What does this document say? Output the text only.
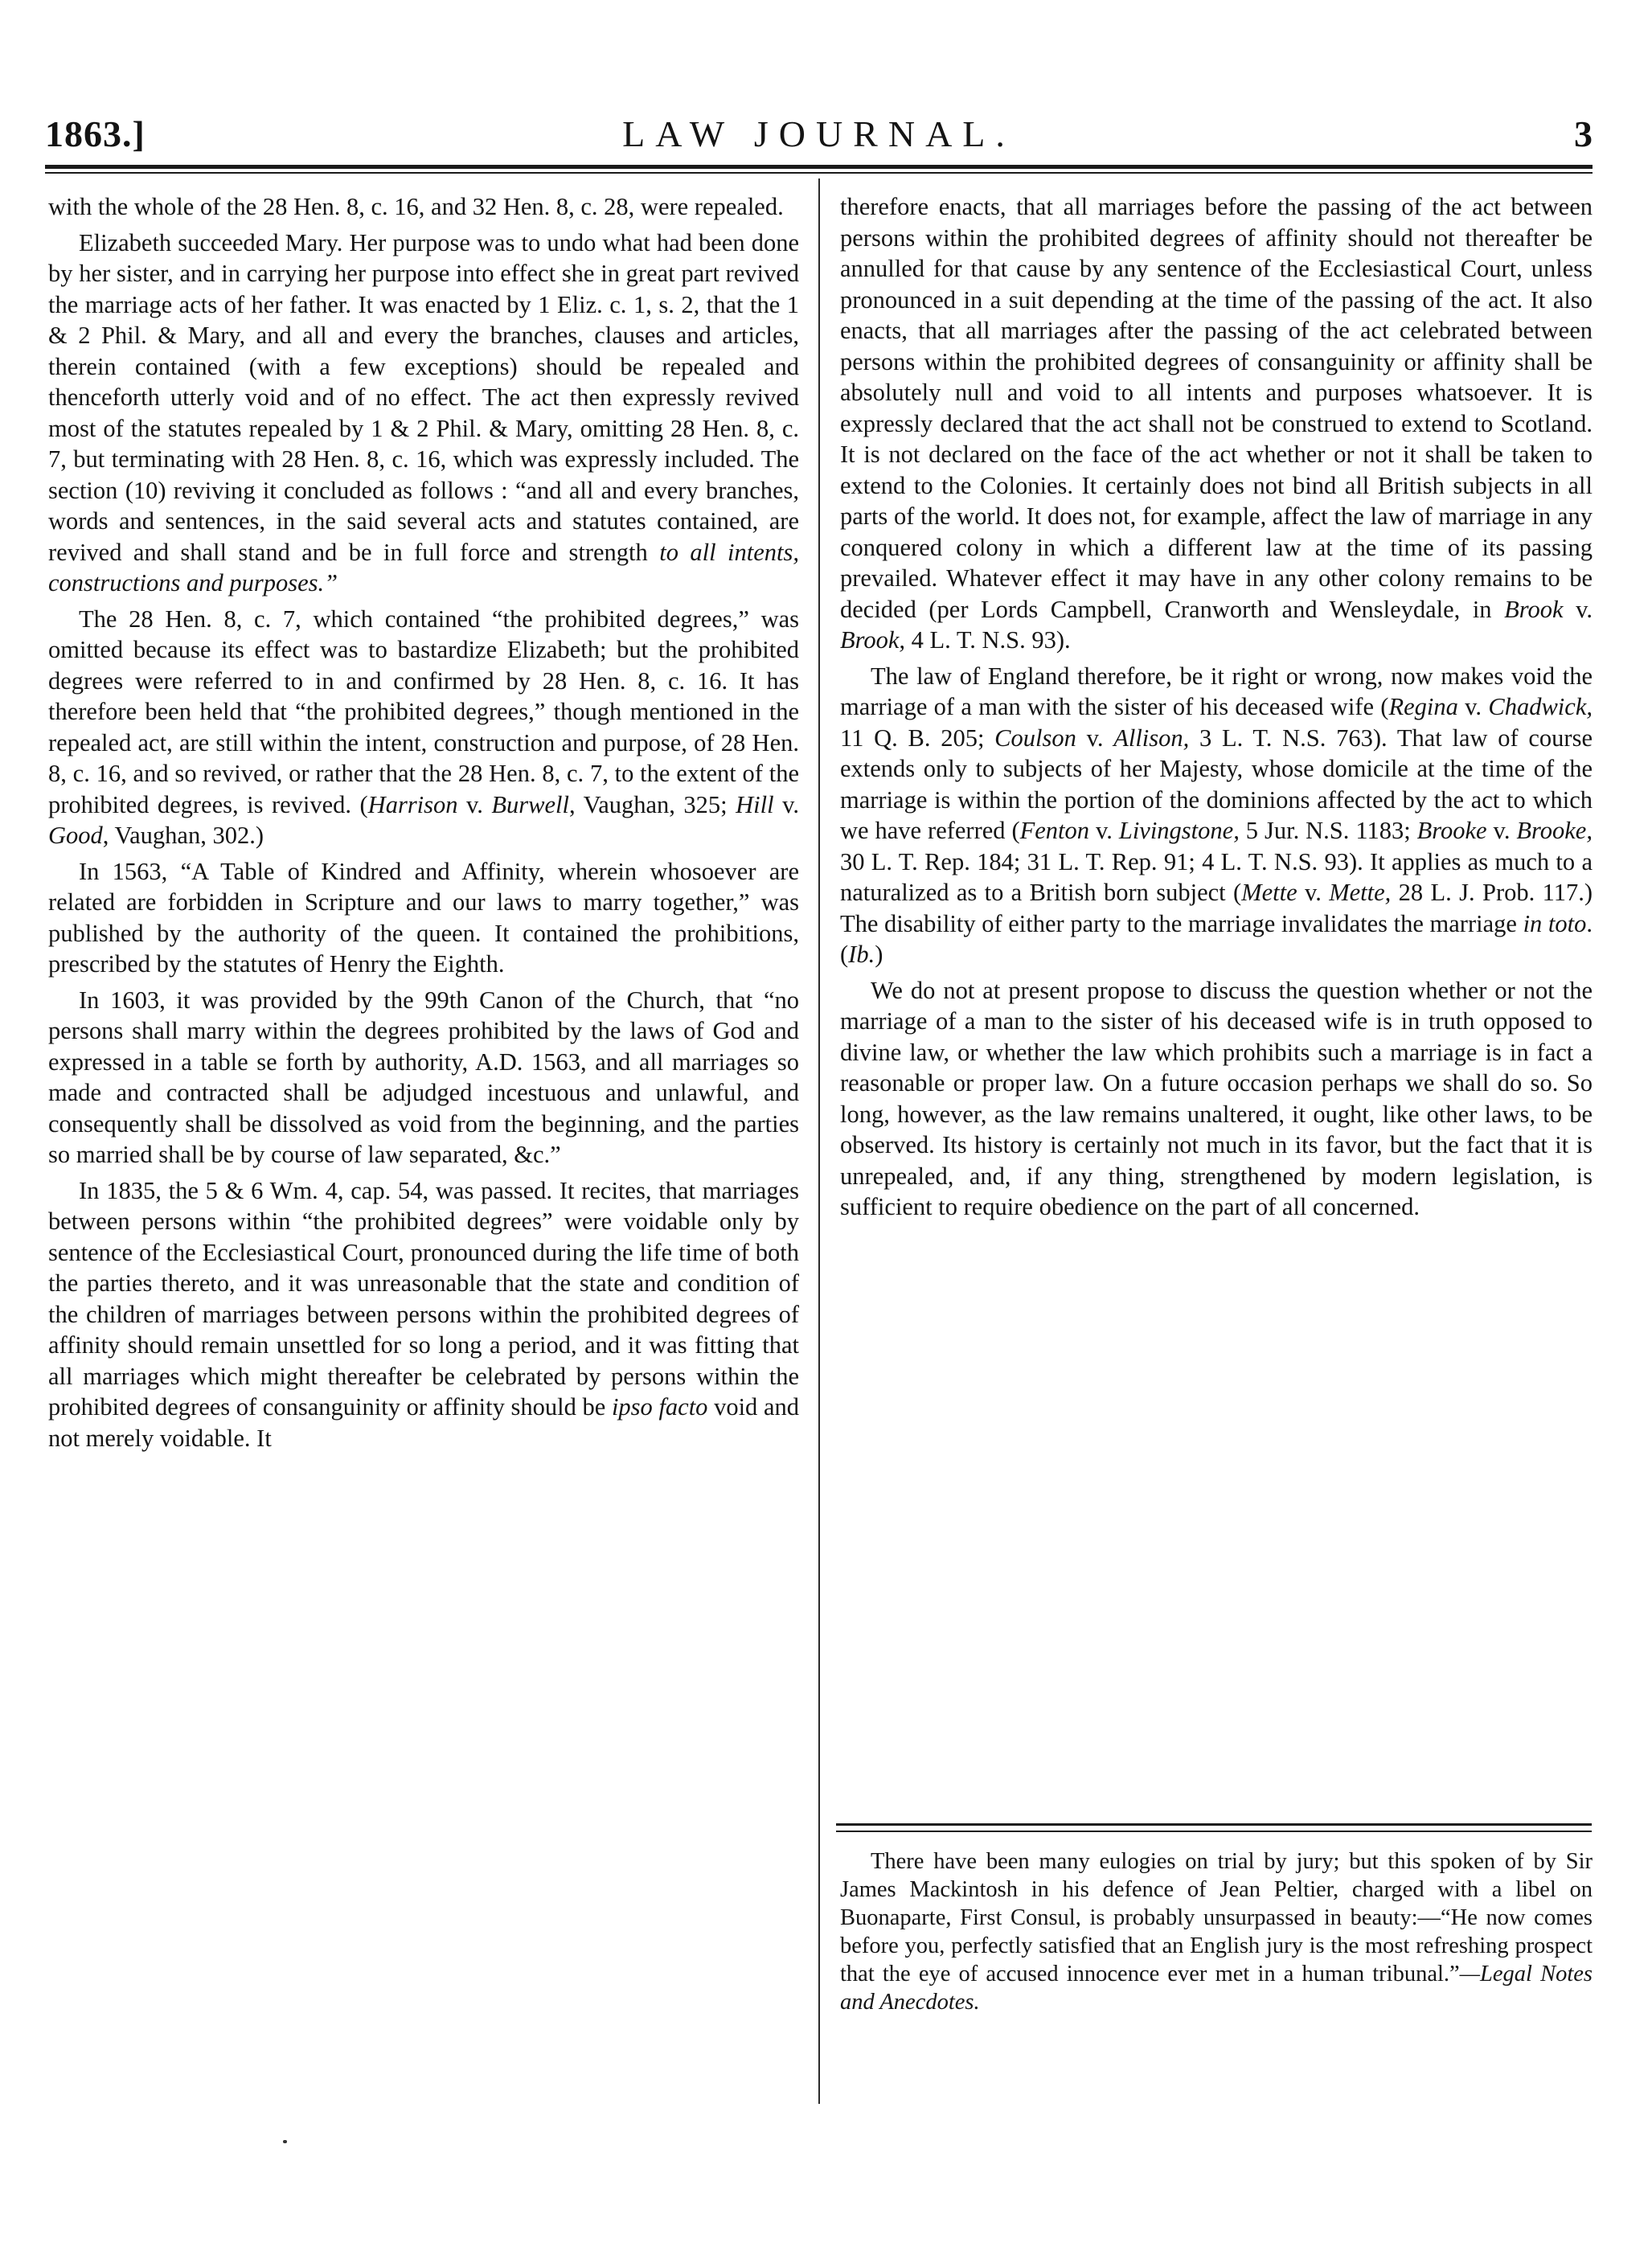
1863.]	LAW JOURNAL.	3

with the whole of the 28 Hen. 8, c. 16, and 32 Hen. 8, c. 28, were repealed.

Elizabeth succeeded Mary. Her purpose was to undo what had been done by her sister, and in carrying her purpose into effect she in great part revived the marriage acts of her father. It was enacted by 1 Eliz. c. 1, s. 2, that the 1 & 2 Phil. & Mary, and all and every the branches, clauses and articles, therein contained (with a few exceptions) should be repealed and thenceforth utterly void and of no effect. The act then expressly revived most of the statutes repealed by 1 & 2 Phil. & Mary, omitting 28 Hen. 8, c. 7, but terminating with 28 Hen. 8, c. 16, which was expressly included. The section (10) reviving it concluded as follows : “and all and every branches, words and sentences, in the said several acts and statutes contained, are revived and shall stand and be in full force and strength to all intents, constructions and purposes.”

The 28 Hen. 8, c. 7, which contained “the prohibited degrees,” was omitted because its effect was to bastardize Elizabeth; but the prohibited degrees were referred to in and confirmed by 28 Hen. 8, c. 16. It has therefore been held that “the prohibited degrees,” though mentioned in the repealed act, are still within the intent, construction and purpose, of 28 Hen. 8, c. 16, and so revived, or rather that the 28 Hen. 8, c. 7, to the extent of the prohibited degrees, is revived. (Harrison v. Burwell, Vaughan, 325; Hill v. Good, Vaughan, 302.)

In 1563, “A Table of Kindred and Affinity, wherein whosoever are related are forbidden in Scripture and our laws to marry together,” was published by the authority of the queen. It contained the prohibitions, prescribed by the statutes of Henry the Eighth.

In 1603, it was provided by the 99th Canon of the Church, that “no persons shall marry within the degrees prohibited by the laws of God and expressed in a table se forth by authority, A.D. 1563, and all marriages so made and contracted shall be adjudged incestuous and unlawful, and consequently shall be dissolved as void from the beginning, and the parties so married shall be by course of law separated, &c.”

In 1835, the 5 & 6 Wm. 4, cap. 54, was passed. It recites, that marriages between persons within “the prohibited degrees” were voidable only by sentence of the Ecclesiastical Court, pronounced during the life time of both the parties thereto, and it was unreasonable that the state and condition of the children of marriages between persons within the prohibited degrees of affinity should remain unsettled for so long a period, and it was fitting that all marriages which might thereafter be celebrated by persons within the prohibited degrees of consanguinity or affinity should be ipso facto void and not merely voidable. It

therefore enacts, that all marriages before the passing of the act between persons within the prohibited degrees of affinity should not thereafter be annulled for that cause by any sentence of the Ecclesiastical Court, unless pronounced in a suit depending at the time of the passing of the act. It also enacts, that all marriages after the passing of the act celebrated between persons within the prohibited degrees of consanguinity or affinity shall be absolutely null and void to all intents and purposes whatsoever. It is expressly declared that the act shall not be construed to extend to Scotland. It is not declared on the face of the act whether or not it shall be taken to extend to the Colonies. It certainly does not bind all British subjects in all parts of the world. It does not, for example, affect the law of marriage in any conquered colony in which a different law at the time of its passing prevailed. Whatever effect it may have in any other colony remains to be decided (per Lords Campbell, Cranworth and Wensleydale, in Brook v. Brook, 4 L. T. N.S. 93).

The law of England therefore, be it right or wrong, now makes void the marriage of a man with the sister of his deceased wife (Regina v. Chadwick, 11 Q. B. 205; Coulson v. Allison, 3 L. T. N.S. 763). That law of course extends only to subjects of her Majesty, whose domicile at the time of the marriage is within the portion of the dominions affected by the act to which we have referred (Fenton v. Livingstone, 5 Jur. N.S. 1183; Brooke v. Brooke, 30 L. T. Rep. 184; 31 L. T. Rep. 91; 4 L. T. N.S. 93). It applies as much to a naturalized as to a British born subject (Mette v. Mette, 28 L. J. Prob. 117.) The disability of either party to the marriage invalidates the marriage in toto. (Ib.)

We do not at present propose to discuss the question whether or not the marriage of a man to the sister of his deceased wife is in truth opposed to divine law, or whether the law which prohibits such a marriage is in fact a reasonable or proper law. On a future occasion perhaps we shall do so. So long, however, as the law remains unaltered, it ought, like other laws, to be observed. Its history is certainly not much in its favor, but the fact that it is unrepealed, and, if any thing, strengthened by modern legislation, is sufficient to require obedience on the part of all concerned.

There have been many eulogies on trial by jury; but this spoken of by Sir James Mackintosh in his defence of Jean Peltier, charged with a libel on Buonaparte, First Consul, is probably unsurpassed in beauty:—“He now comes before you, perfectly satisfied that an English jury is the most refreshing prospect that the eye of accused innocence ever met in a human tribunal.”—Legal Notes and Anecdotes.
